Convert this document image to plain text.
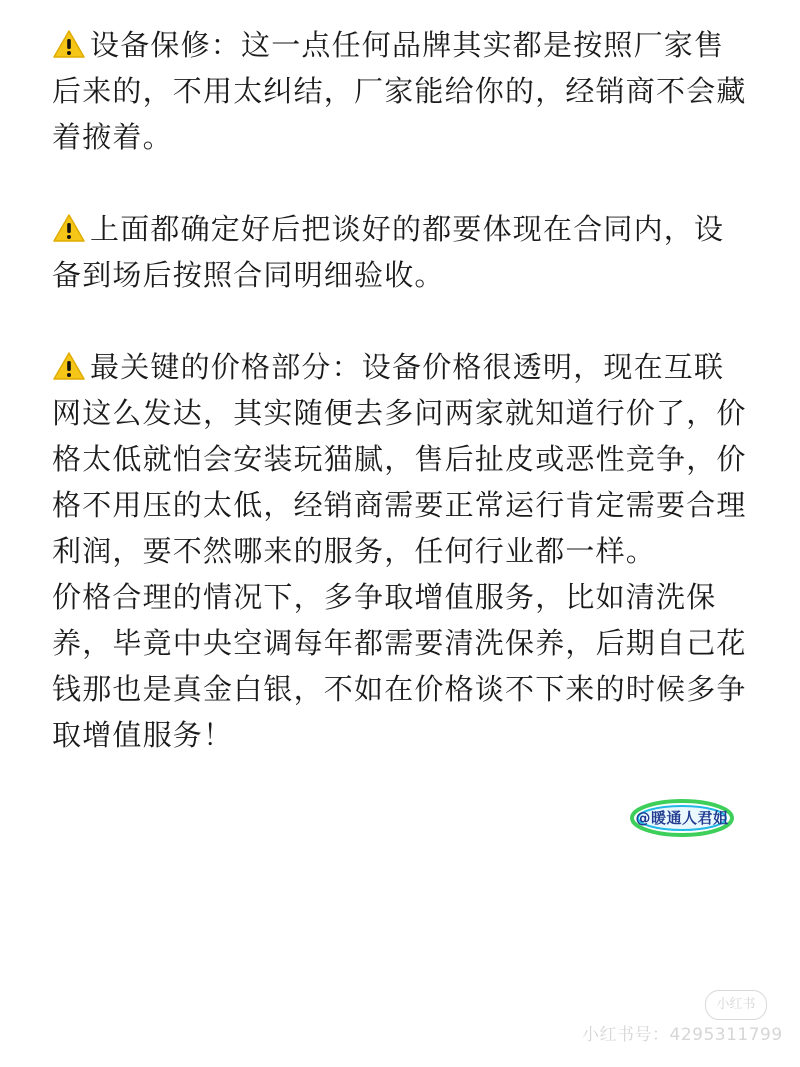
设备保修：这一点任何品牌其实都是按照厂家售后来的，不用太纠结，厂家能给你的，经销商不会藏着掖着。

上面都确定好后把谈好的都要体现在合同内，设备到场后按照合同明细验收。

最关键的价格部分：设备价格很透明，现在互联网这么发达，其实随便去多问两家就知道行价了，价格太低就怕会安装玩猫腻，售后扯皮或恶性竞争，价格不用压的太低，经销商需要正常运行肯定需要合理利润，要不然哪来的服务，任何行业都一样。

价格合理的情况下，多争取增值服务，比如清洗保养，毕竟中央空调每年都需要清洗保养，后期自己花钱那也是真金白银，不如在价格谈不下来的时候多争取增值服务！

@暖通人君姐
小红书
小红书号：4295311799
